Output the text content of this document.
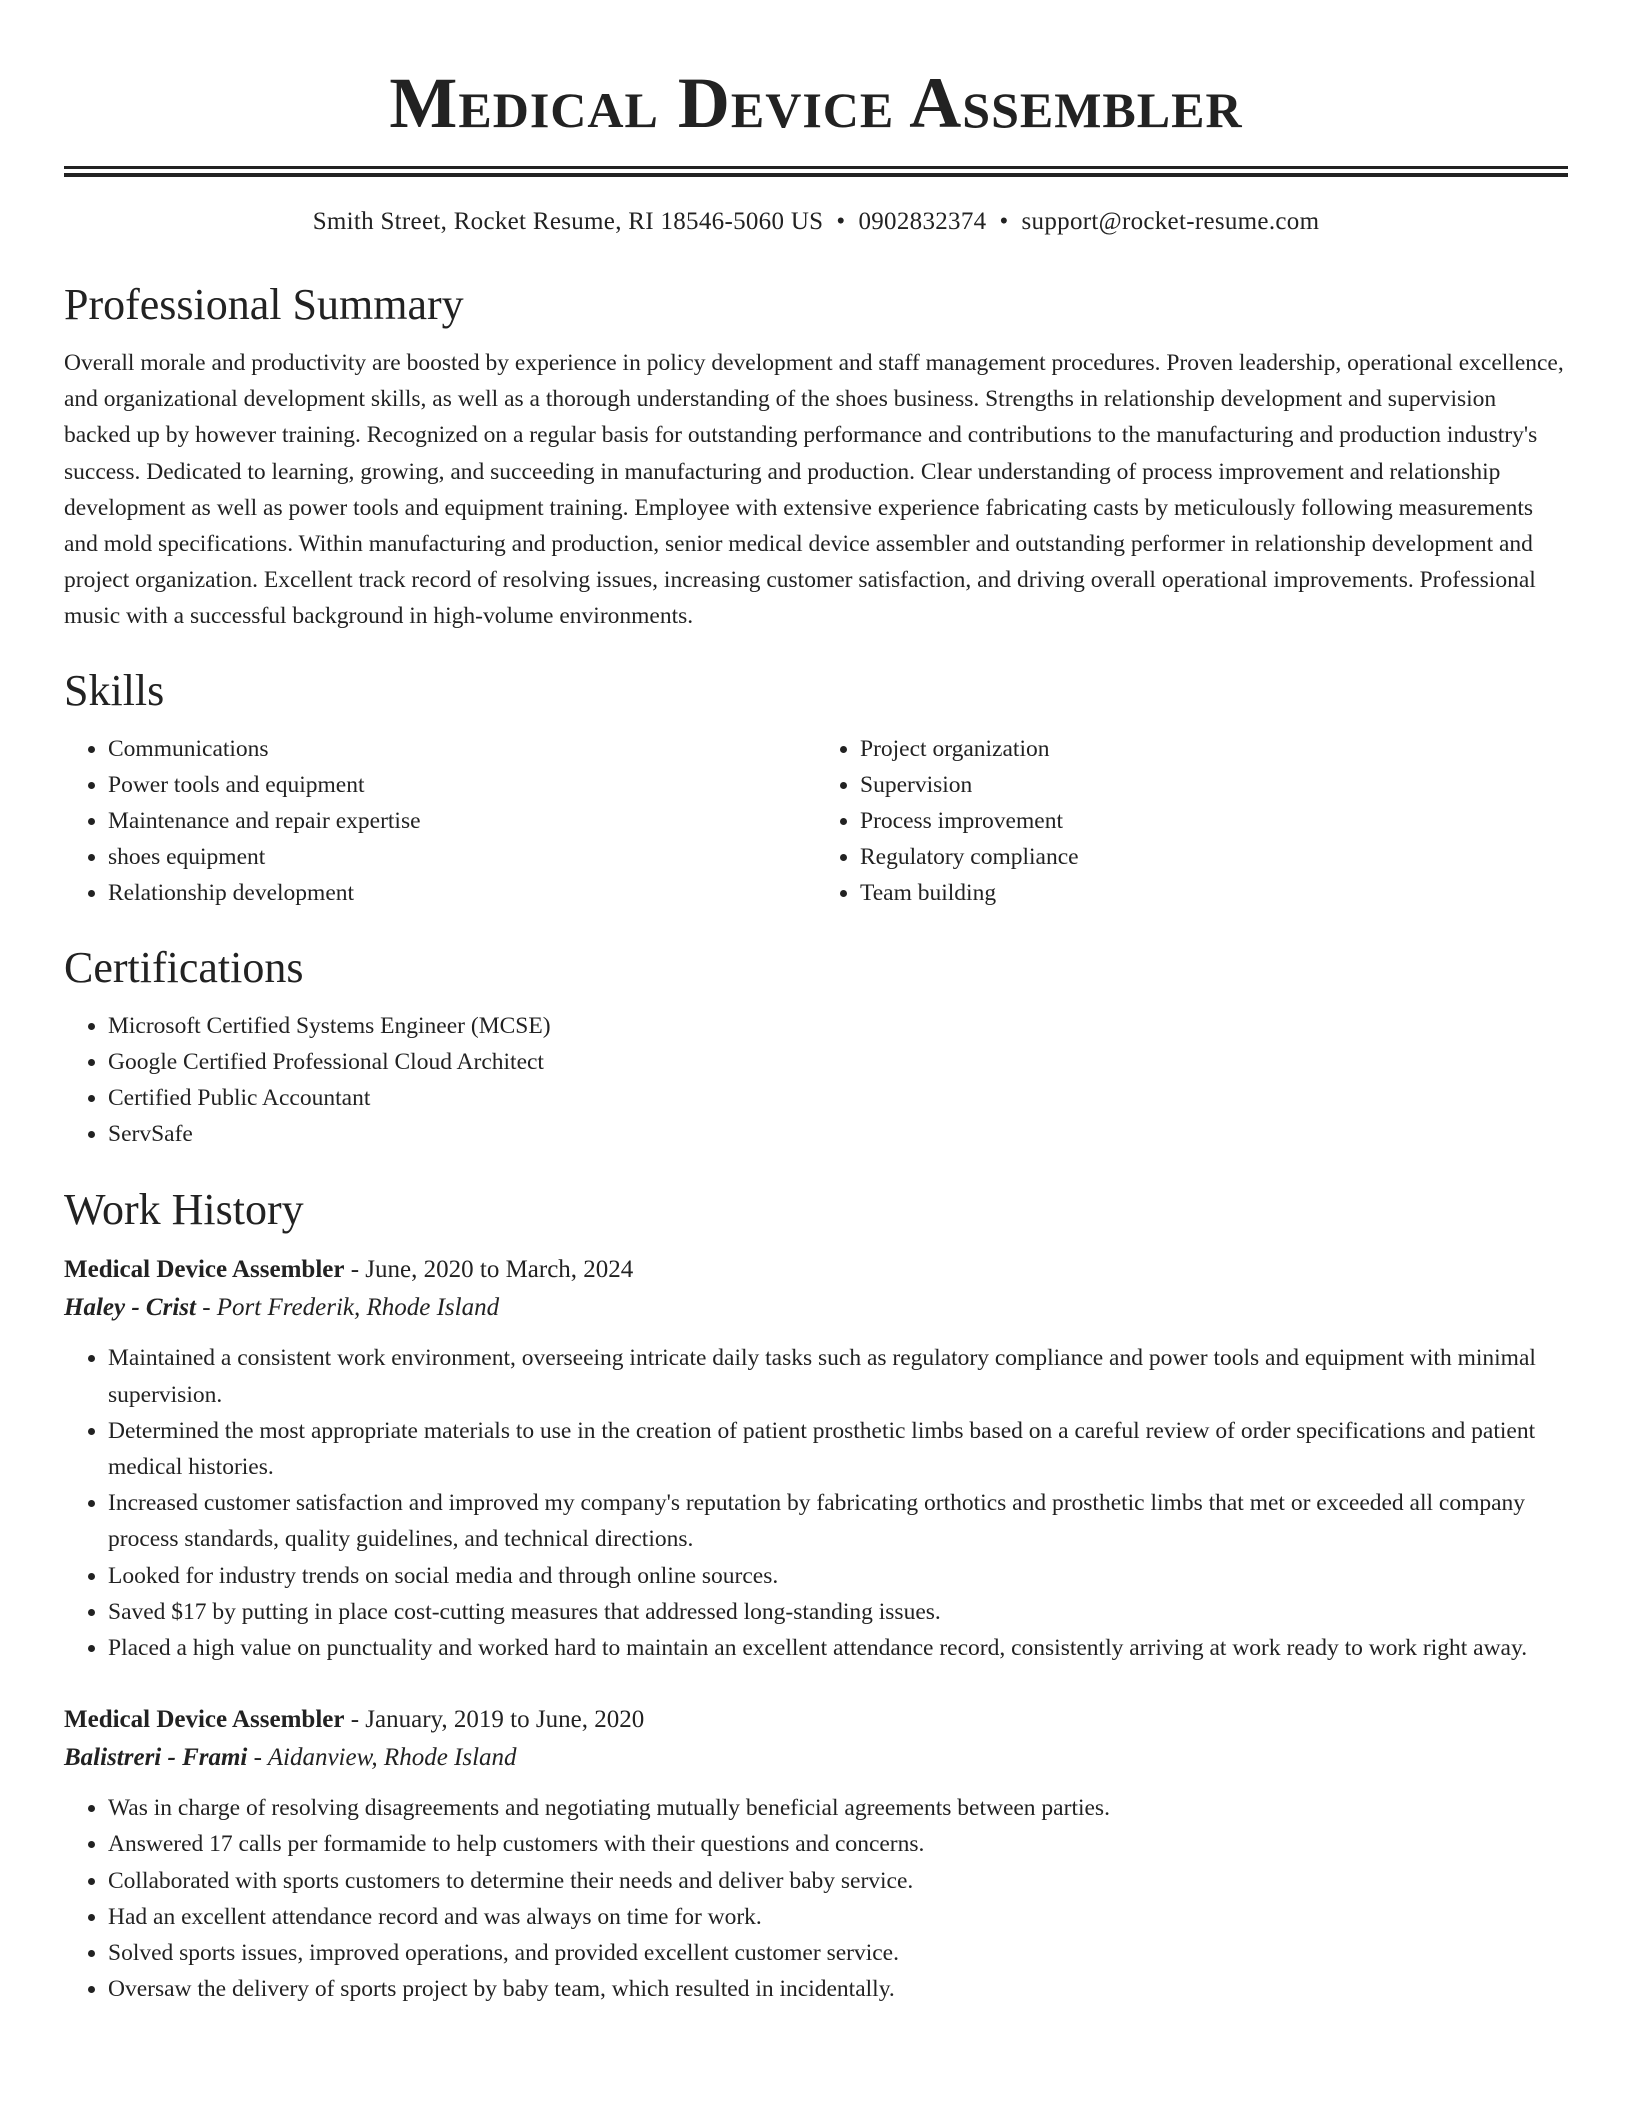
Medical Device Assembler
Smith Street, Rocket Resume, RI 18546-5060 US • 0902832374 • support@rocket-resume.com
Professional Summary
Overall morale and productivity are boosted by experience in policy development and staff management procedures. Proven leadership, operational excellence, and organizational development skills, as well as a thorough understanding of the shoes business. Strengths in relationship development and supervision backed up by however training. Recognized on a regular basis for outstanding performance and contributions to the manufacturing and production industry's success. Dedicated to learning, growing, and succeeding in manufacturing and production. Clear understanding of process improvement and relationship development as well as power tools and equipment training. Employee with extensive experience fabricating casts by meticulously following measurements and mold specifications. Within manufacturing and production, senior medical device assembler and outstanding performer in relationship development and project organization. Excellent track record of resolving issues, increasing customer satisfaction, and driving overall operational improvements. Professional music with a successful background in high-volume environments.
Skills
• Communications
• Power tools and equipment
• Maintenance and repair expertise
• shoes equipment
• Relationship development
• Project organization
• Supervision
• Process improvement
• Regulatory compliance
• Team building
Certifications
• Microsoft Certified Systems Engineer (MCSE)
• Google Certified Professional Cloud Architect
• Certified Public Accountant
• ServSafe
Work History
Medical Device Assembler - June, 2020 to March, 2024
Haley - Crist - Port Frederik, Rhode Island
• Maintained a consistent work environment, overseeing intricate daily tasks such as regulatory compliance and power tools and equipment with minimal supervision.
• Determined the most appropriate materials to use in the creation of patient prosthetic limbs based on a careful review of order specifications and patient medical histories.
• Increased customer satisfaction and improved my company's reputation by fabricating orthotics and prosthetic limbs that met or exceeded all company process standards, quality guidelines, and technical directions.
• Looked for industry trends on social media and through online sources.
• Saved $17 by putting in place cost-cutting measures that addressed long-standing issues.
• Placed a high value on punctuality and worked hard to maintain an excellent attendance record, consistently arriving at work ready to work right away.
Medical Device Assembler - January, 2019 to June, 2020
Balistreri - Frami - Aidanview, Rhode Island
• Was in charge of resolving disagreements and negotiating mutually beneficial agreements between parties.
• Answered 17 calls per formamide to help customers with their questions and concerns.
• Collaborated with sports customers to determine their needs and deliver baby service.
• Had an excellent attendance record and was always on time for work.
• Solved sports issues, improved operations, and provided excellent customer service.
• Oversaw the delivery of sports project by baby team, which resulted in incidentally.
